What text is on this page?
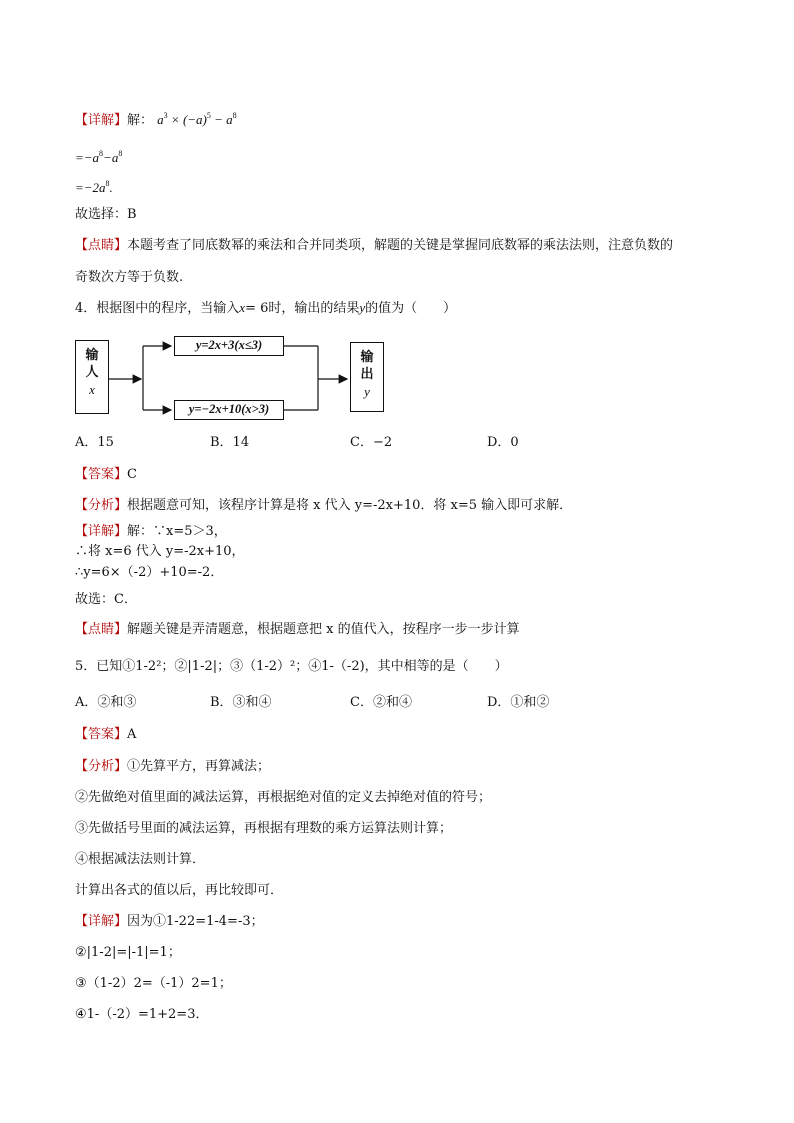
【详解】解： $a^3 \times (-a)^5 - a^8$
$=-a^8-a^8$
$=-2a^8$.
故选择：B
【点睛】本题考查了同底数幂的乘法和合并同类项，解题的关键是掌握同底数幂的乘法法则，注意负数的
奇数次方等于负数.
4．根据图中的程序，当输入x= 6时，输出的结果y的值为（　　）
输
人
x
y=2x+3(x≤3)
y=−2x+10(x>3)
输
出
y
A．15	B．14	C．−2	D．0
【答案】C
【分析】根据题意可知，该程序计算是将 x 代入 y=-2x+10．将 x=5 输入即可求解．
【详解】解：∵x=5＞3，
∴将 x=6 代入 y=-2x+10，
∴y=6×（-2）+10=-2．
故选：C．
【点睛】解题关键是弄清题意，根据题意把 x 的值代入，按程序一步一步计算
5．已知①1-2²；②|1-2|；③（1-2）²；④1-（-2)，其中相等的是（　　）
A．②和③	B．③和④	C．②和④	D．①和②
【答案】A
【分析】①先算平方，再算减法；
②先做绝对值里面的减法运算，再根据绝对值的定义去掉绝对值的符号；
③先做括号里面的减法运算，再根据有理数的乘方运算法则计算；
④根据减法法则计算．
计算出各式的值以后，再比较即可．
【详解】因为①1-22=1-4=-3；
②|1-2|=|-1|=1；
③（1-2）2=（-1）2=1；
④1-（-2）=1+2=3．
